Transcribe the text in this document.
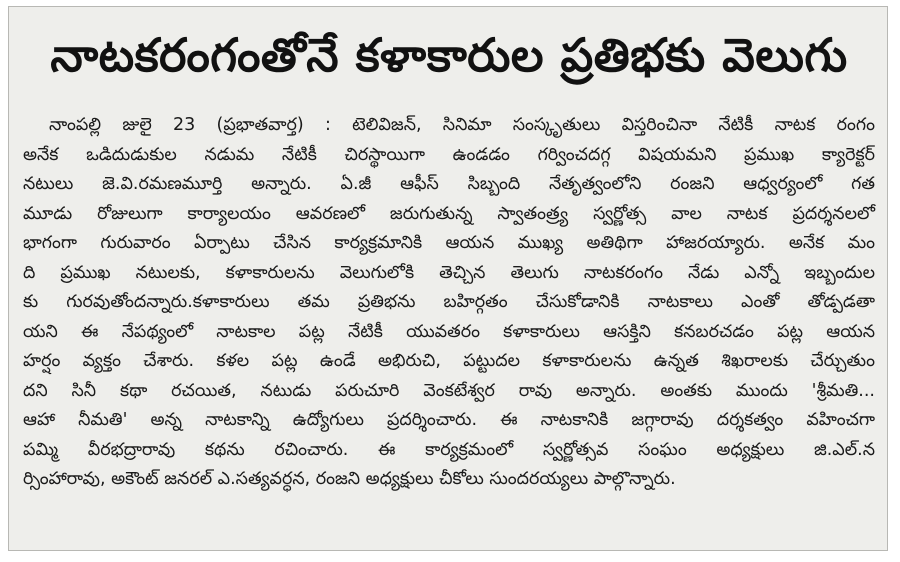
నాటకరంగంతోనే కళాకారుల ప్రతిభకు వెలుగు
నాంపల్లి జులై 23 (ప్రభాతవార్త) : టెలివిజన్, సినిమా సంస్కృతులు విస్తరించినా నేటికీ నాటక రంగం
అనేక ఒడిదుడుకుల నడుమ నేటికీ చిరస్థాయిగా ఉండడం గర్వించదగ్గ విషయమని ప్రముఖ క్యారెక్టర్
నటులు జె.వి.రమణమూర్తి అన్నారు. ఏ.జీ ఆఫీస్ సిబ్బంది నేతృత్వంలోని రంజని ఆధ్వర్యంలో గత
మూడు రోజులుగా కార్యాలయం ఆవరణలో జరుగుతున్న స్వాతంత్ర్య స్వర్ణోత్స వాల నాటక ప్రదర్శనలలో
భాగంగా గురువారం ఏర్పాటు చేసిన కార్యక్రమానికి ఆయన ముఖ్య అతిథిగా హాజరయ్యారు. అనేక మం
ది ప్రముఖ నటులకు, కళాకారులను వెలుగులోకి తెచ్చిన తెలుగు నాటకరంగం నేడు ఎన్నో ఇబ్బందుల
కు గురవుతోందన్నారు.కళాకారులు తమ ప్రతిభను బహిర్గతం చేసుకోడానికి నాటకాలు ఎంతో తోడ్పడతా
యని ఈ నేపథ్యంలో నాటకాల పట్ల నేటికీ యువతరం కళాకారులు ఆసక్తిని కనబరచడం పట్ల ఆయన
హర్షం వ్యక్తం చేశారు. కళల పట్ల ఉండే అభిరుచి, పట్టుదల కళాకారులను ఉన్నత శిఖరాలకు చేర్చుతుం
దని సినీ కథా రచయిత, నటుడు పరుచూరి వెంకటేశ్వర రావు అన్నారు. అంతకు ముందు 'శ్రీమతి...
ఆహా నీమతి' అన్న నాటకాన్ని ఉద్యోగులు ప్రదర్శించారు. ఈ నాటకానికి జగ్గారావు దర్శకత్వం వహించగా
పమ్మి వీరభద్రారావు కథను రచించారు. ఈ కార్యక్రమంలో స్వర్ణోత్సవ సంఘం అధ్యక్షులు జి.ఎల్.న
ర్సింహారావు, అకౌంట్ జనరల్ ఎ.సత్యవర్ధన, రంజని అధ్యక్షులు చీకోలు సుందరయ్యలు పాల్గొన్నారు.
